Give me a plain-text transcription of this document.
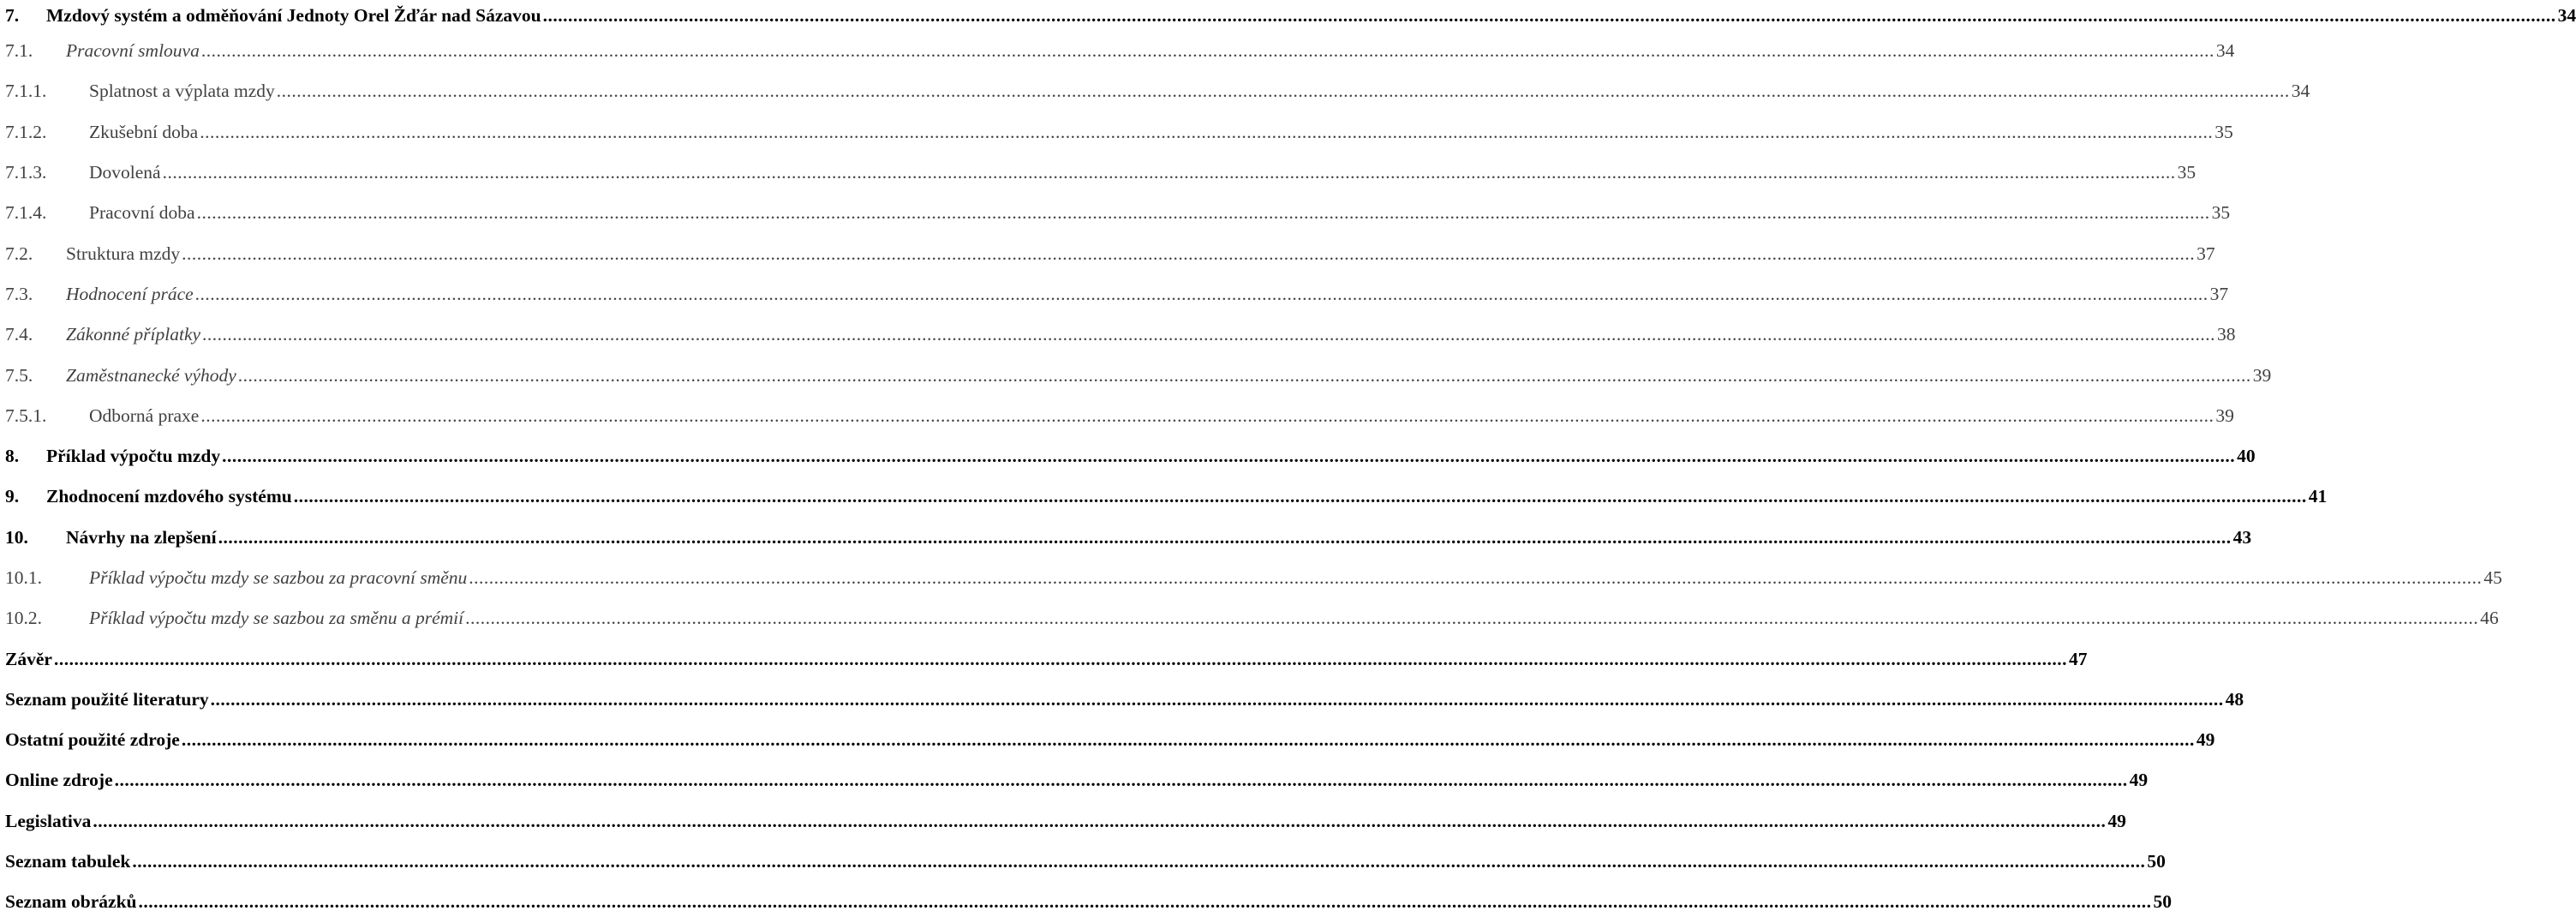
7.	Mzdový systém a odměňování Jednoty Orel Žďár nad Sázavou ................................................................................................................................................................................................................................................................................................................................................................................................................ 34
7.1.	Pracovní smlouva ................................................................................................................................................................................................................................................................................................................................................................................................................ 34
7.1.1.	Splatnost a výplata mzdy ................................................................................................................................................................................................................................................................................................................................................................................................................ 34
7.1.2.	Zkušební doba ................................................................................................................................................................................................................................................................................................................................................................................................................ 35
7.1.3.	Dovolená ................................................................................................................................................................................................................................................................................................................................................................................................................ 35
7.1.4.	Pracovní doba ................................................................................................................................................................................................................................................................................................................................................................................................................ 35
7.2.	Struktura mzdy ................................................................................................................................................................................................................................................................................................................................................................................................................ 37
7.3.	Hodnocení práce ................................................................................................................................................................................................................................................................................................................................................................................................................ 37
7.4.	Zákonné příplatky ................................................................................................................................................................................................................................................................................................................................................................................................................ 38
7.5.	Zaměstnanecké výhody ................................................................................................................................................................................................................................................................................................................................................................................................................ 39
7.5.1.	Odborná praxe ................................................................................................................................................................................................................................................................................................................................................................................................................ 39
8.	Příklad výpočtu mzdy ................................................................................................................................................................................................................................................................................................................................................................................................................ 40
9.	Zhodnocení mzdového systému ................................................................................................................................................................................................................................................................................................................................................................................................................ 41
10.	Návrhy na zlepšení ................................................................................................................................................................................................................................................................................................................................................................................................................ 43
10.1.	Příklad výpočtu mzdy se sazbou za pracovní směnu ................................................................................................................................................................................................................................................................................................................................................................................................................ 45
10.2.	Příklad výpočtu mzdy se sazbou za směnu a prémií ................................................................................................................................................................................................................................................................................................................................................................................................................ 46
Závěr ................................................................................................................................................................................................................................................................................................................................................................................................................ 47
Seznam použité literatury ................................................................................................................................................................................................................................................................................................................................................................................................................ 48
Ostatní použité zdroje ................................................................................................................................................................................................................................................................................................................................................................................................................ 49
Online zdroje ................................................................................................................................................................................................................................................................................................................................................................................................................ 49
Legislativa ................................................................................................................................................................................................................................................................................................................................................................................................................ 49
Seznam tabulek ................................................................................................................................................................................................................................................................................................................................................................................................................ 50
Seznam obrázků ................................................................................................................................................................................................................................................................................................................................................................................................................ 50
